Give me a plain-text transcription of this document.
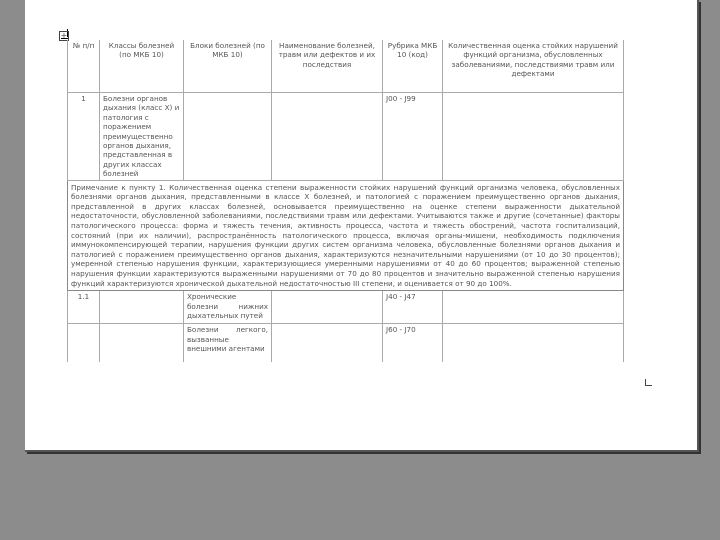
+
№ п/п	Классы болезней (по МКБ 10)	Блоки болезней (по МКБ 10)	Наименование болезней, травм или дефектов и их последствия	Рубрика МКБ 10 (код)	Количественная оценка стойких нарушений функций организма, обусловленных заболеваниями, последствиями травм или дефектами
1	Болезни органов дыхания (класс X) и патология с поражением преимущественно органов дыхания, представленная в других классах болезней			J00 - J99	
Примечание к пункту 1. Количественная оценка степени выраженности стойких нарушений функций организма человека, обусловленных болезнями органов дыхания, представленными в классе X болезней, и патологией с поражением преимущественно органов дыхания, представленной в других классах болезней, основывается преимущественно на оценке степени выраженности дыхательной недостаточности, обусловленной заболеваниями, последствиями травм или дефектами. Учитываются также и другие (сочетанные) факторы патологического процесса: форма и тяжесть течения, активность процесса, частота и тяжесть обострений, частота госпитализаций, состояний (при их наличии), распространённость патологического процесса, включая органы-мишени, необходимость подключения иммунокомпенсирующей терапии, нарушения функции других систем организма человека, обусловленные болезнями органов дыхания и патологией с поражением преимущественно органов дыхания, характеризуются незначительными нарушениями (от 10 до 30 процентов); умеренной степенью нарушения функции, характеризующиеся умеренными нарушениями от 40 до 60 процентов; выраженной степенью нарушения функции характеризуются выраженными нарушениями от 70 до 80 процентов и значительно выраженной степенью нарушения функций характеризуются хронической дыхательной недостаточностью III степени, и оценивается от 90 до 100%.					
1.1		Хронические болезни нижних дыхательных путей		J40 - J47	
		Болезни легкого, вызванные внешними агентами		J60 - J70	
